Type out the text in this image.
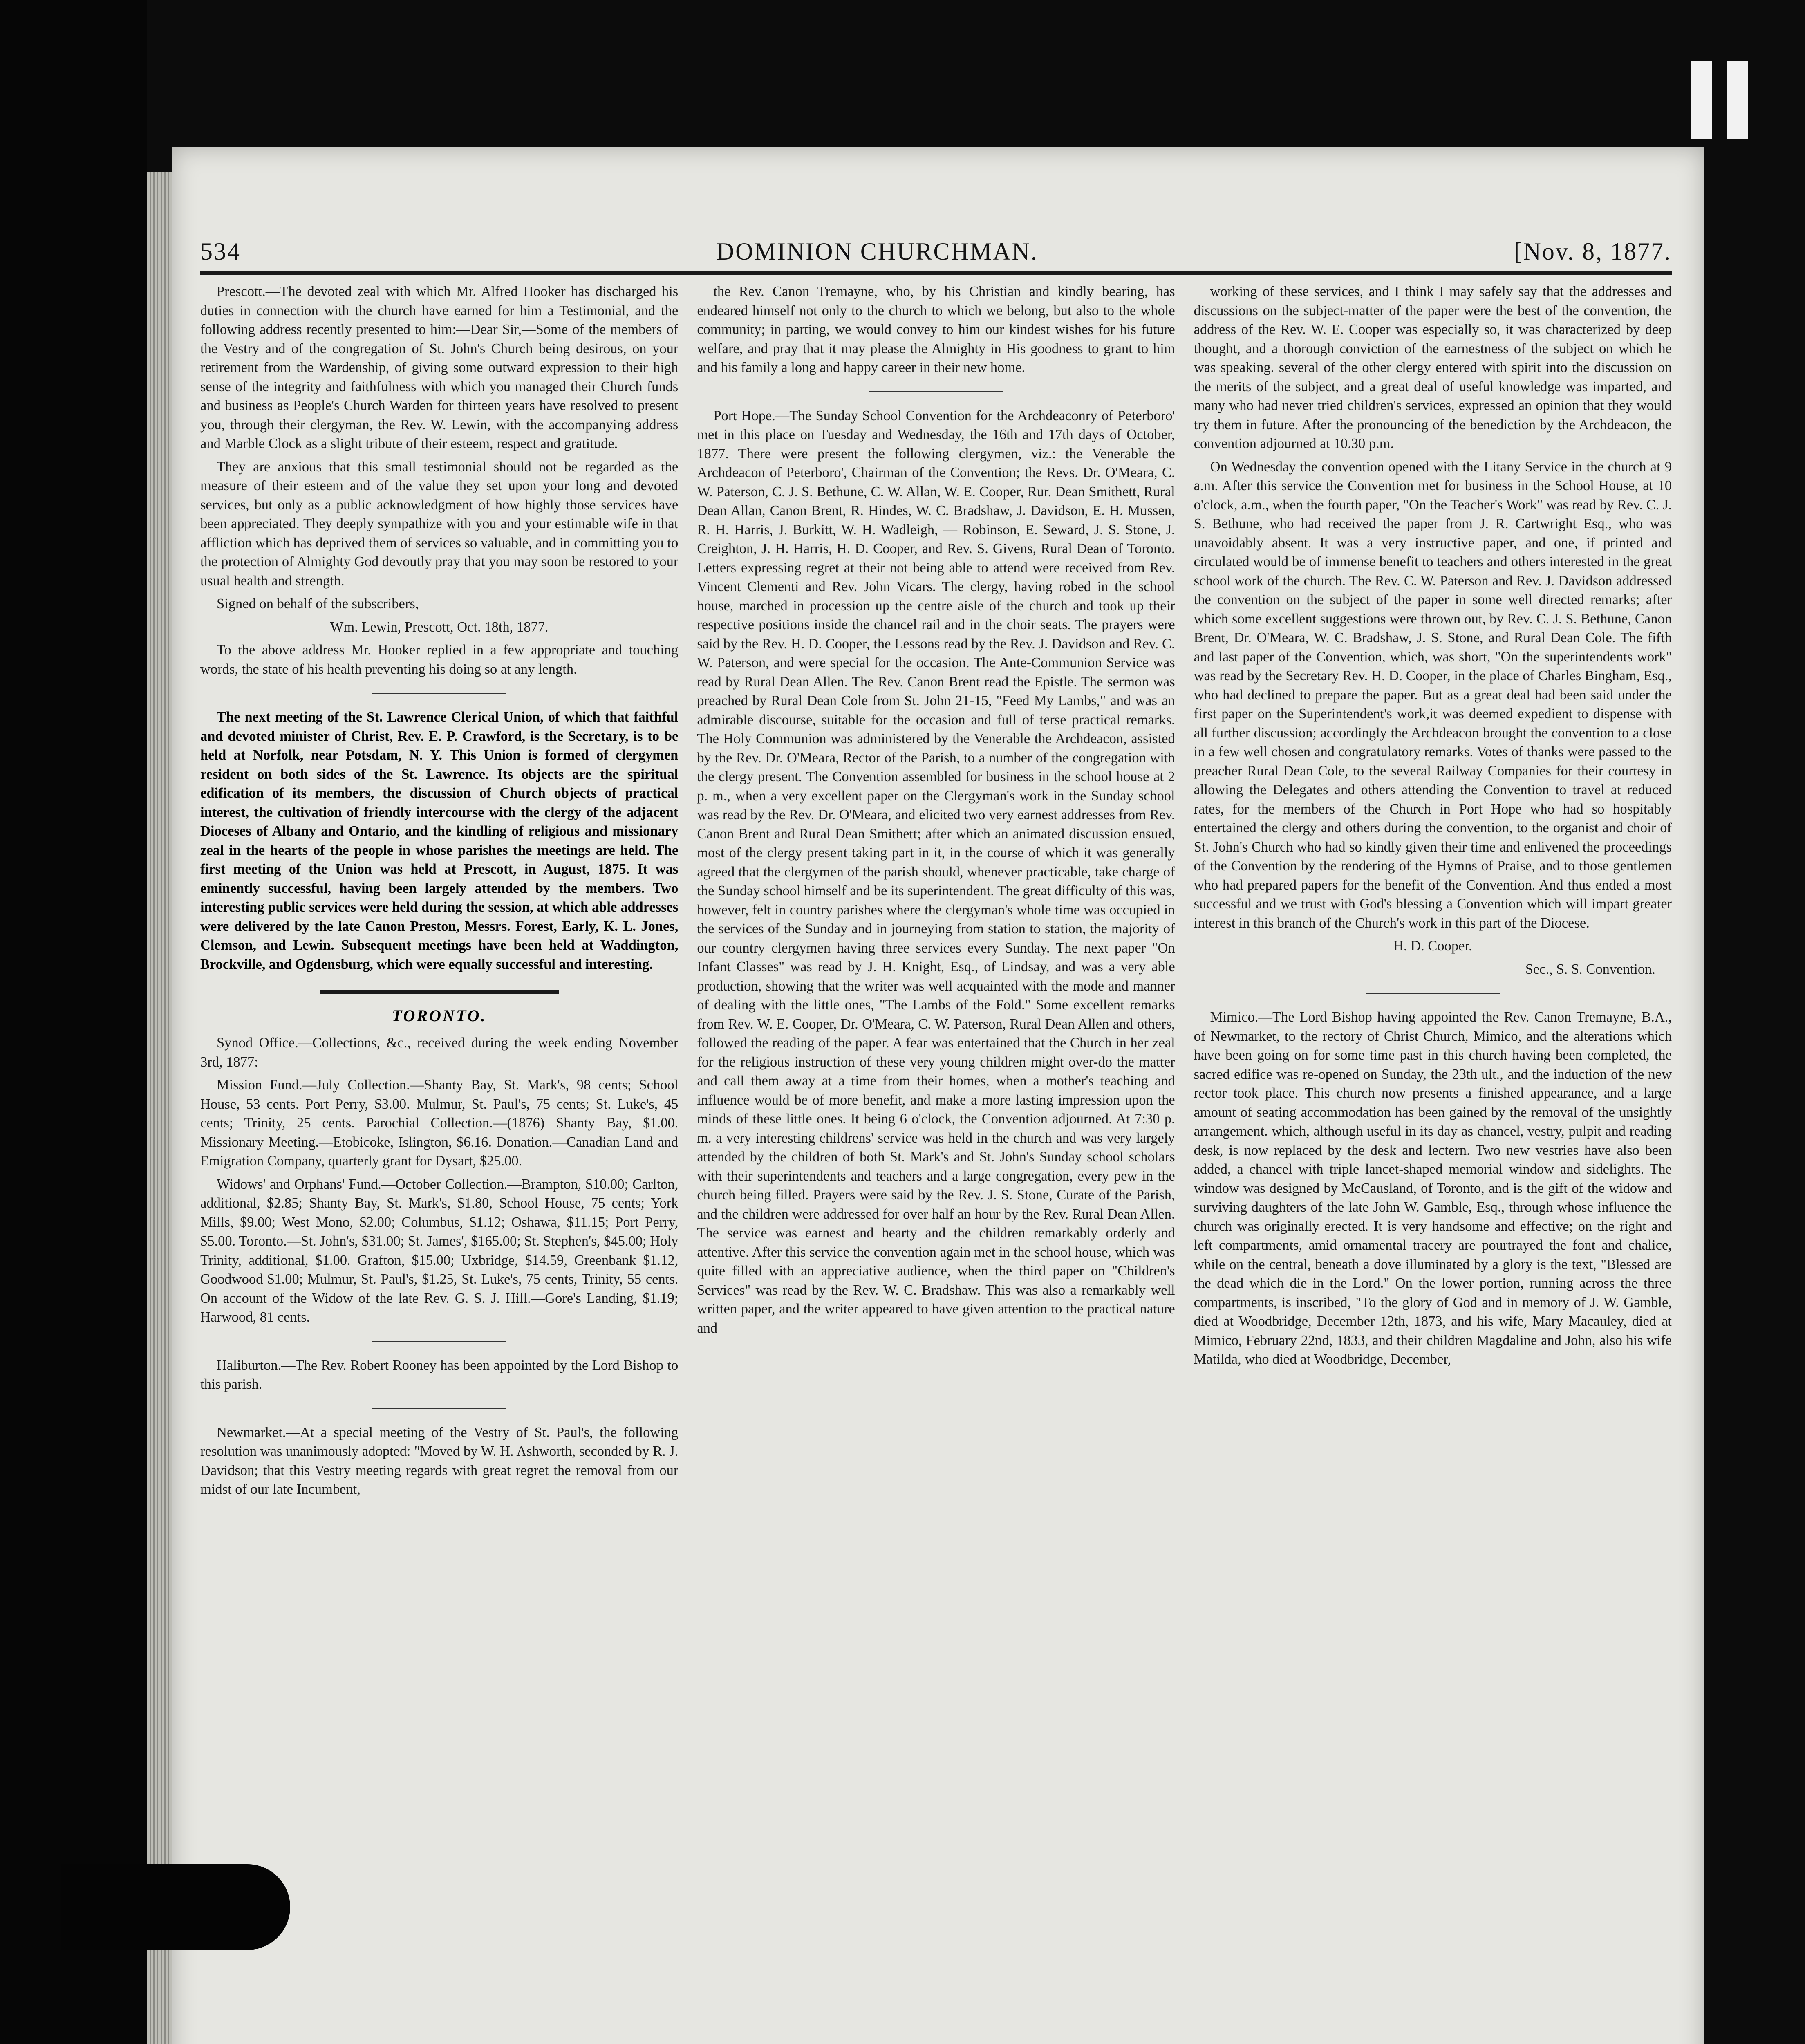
534	DOMINION CHURCHMAN.	[Nov. 8, 1877.

Prescott.—The devoted zeal with which Mr. Alfred Hooker has discharged his duties in connection with the church have earned for him a Testimonial, and the following address recently presented to him:—Dear Sir,—Some of the members of the Vestry and of the congregation of St. John's Church being desirous, on your retirement from the Wardenship, of giving some outward expression to their high sense of the integrity and faithfulness with which you managed their Church funds and business as People's Church Warden for thirteen years have resolved to present you, through their clergyman, the Rev. W. Lewin, with the accompanying address and Marble Clock as a slight tribute of their esteem, respect and gratitude.

They are anxious that this small testimonial should not be regarded as the measure of their esteem and of the value they set upon your long and devoted services, but only as a public acknowledgment of how highly those services have been appreciated. They deeply sympathize with you and your estimable wife in that affliction which has deprived them of services so valuable, and in committing you to the protection of Almighty God devoutly pray that you may soon be restored to your usual health and strength.

Signed on behalf of the subscribers,

Wm. Lewin, Prescott, Oct. 18th, 1877.

To the above address Mr. Hooker replied in a few appropriate and touching words, the state of his health preventing his doing so at any length.

The next meeting of the St. Lawrence Clerical Union, of which that faithful and devoted minister of Christ, Rev. E. P. Crawford, is the Secretary, is to be held at Norfolk, near Potsdam, N. Y. This Union is formed of clergymen resident on both sides of the St. Lawrence. Its objects are the spiritual edification of its members, the discussion of Church objects of practical interest, the cultivation of friendly intercourse with the clergy of the adjacent Dioceses of Albany and Ontario, and the kindling of religious and missionary zeal in the hearts of the people in whose parishes the meetings are held. The first meeting of the Union was held at Prescott, in August, 1875. It was eminently successful, having been largely attended by the members. Two interesting public services were held during the session, at which able addresses were delivered by the late Canon Preston, Messrs. Forest, Early, K. L. Jones, Clemson, and Lewin. Subsequent meetings have been held at Waddington, Brockville, and Ogdensburg, which were equally successful and interesting.

TORONTO.

Synod Office.—Collections, &c., received during the week ending November 3rd, 1877:

Mission Fund.—July Collection.—Shanty Bay, St. Mark's, 98 cents; School House, 53 cents. Port Perry, $3.00. Mulmur, St. Paul's, 75 cents; St. Luke's, 45 cents; Trinity, 25 cents. Parochial Collection.—(1876) Shanty Bay, $1.00. Missionary Meeting.—Etobicoke, Islington, $6.16. Donation.—Canadian Land and Emigration Company, quarterly grant for Dysart, $25.00.

Widows' and Orphans' Fund.—October Collection.—Brampton, $10.00; Carlton, additional, $2.85; Shanty Bay, St. Mark's, $1.80, School House, 75 cents; York Mills, $9.00; West Mono, $2.00; Columbus, $1.12; Oshawa, $11.15; Port Perry, $5.00. Toronto.—St. John's, $31.00; St. James', $165.00; St. Stephen's, $45.00; Holy Trinity, additional, $1.00. Grafton, $15.00; Uxbridge, $14.59, Greenbank $1.12, Goodwood $1.00; Mulmur, St. Paul's, $1.25, St. Luke's, 75 cents, Trinity, 55 cents. On account of the Widow of the late Rev. G. S. J. Hill.—Gore's Landing, $1.19; Harwood, 81 cents.

Haliburton.—The Rev. Robert Rooney has been appointed by the Lord Bishop to this parish.

Newmarket.—At a special meeting of the Vestry of St. Paul's, the following resolution was unanimously adopted: "Moved by W. H. Ashworth, seconded by R. J. Davidson; that this Vestry meeting regards with great regret the removal from our midst of our late Incumbent,

the Rev. Canon Tremayne, who, by his Christian and kindly bearing, has endeared himself not only to the church to which we belong, but also to the whole community; in parting, we would convey to him our kindest wishes for his future welfare, and pray that it may please the Almighty in His goodness to grant to him and his family a long and happy career in their new home.

Port Hope.—The Sunday School Convention for the Archdeaconry of Peterboro' met in this place on Tuesday and Wednesday, the 16th and 17th days of October, 1877. There were present the following clergymen, viz.: the Venerable the Archdeacon of Peterboro', Chairman of the Convention; the Revs. Dr. O'Meara, C. W. Paterson, C. J. S. Bethune, C. W. Allan, W. E. Cooper, Rur. Dean Smithett, Rural Dean Allan, Canon Brent, R. Hindes, W. C. Bradshaw, J. Davidson, E. H. Mussen, R. H. Harris, J. Burkitt, W. H. Wadleigh, — Robinson, E. Seward, J. S. Stone, J. Creighton, J. H. Harris, H. D. Cooper, and Rev. S. Givens, Rural Dean of Toronto. Letters expressing regret at their not being able to attend were received from Rev. Vincent Clementi and Rev. John Vicars. The clergy, having robed in the school house, marched in procession up the centre aisle of the church and took up their respective positions inside the chancel rail and in the choir seats. The prayers were said by the Rev. H. D. Cooper, the Lessons read by the Rev. J. Davidson and Rev. C. W. Paterson, and were special for the occasion. The Ante-Communion Service was read by Rural Dean Allen. The Rev. Canon Brent read the Epistle. The sermon was preached by Rural Dean Cole from St. John 21-15, "Feed My Lambs," and was an admirable discourse, suitable for the occasion and full of terse practical remarks. The Holy Communion was administered by the Venerable the Archdeacon, assisted by the Rev. Dr. O'Meara, Rector of the Parish, to a number of the congregation with the clergy present. The Convention assembled for business in the school house at 2 p. m., when a very excellent paper on the Clergyman's work in the Sunday school was read by the Rev. Dr. O'Meara, and elicited two very earnest addresses from Rev. Canon Brent and Rural Dean Smithett; after which an animated discussion ensued, most of the clergy present taking part in it, in the course of which it was generally agreed that the clergymen of the parish should, whenever practicable, take charge of the Sunday school himself and be its superintendent. The great difficulty of this was, however, felt in country parishes where the clergyman's whole time was occupied in the services of the Sunday and in journeying from station to station, the majority of our country clergymen having three services every Sunday. The next paper "On Infant Classes" was read by J. H. Knight, Esq., of Lindsay, and was a very able production, showing that the writer was well acquainted with the mode and manner of dealing with the little ones, "The Lambs of the Fold." Some excellent remarks from Rev. W. E. Cooper, Dr. O'Meara, C. W. Paterson, Rural Dean Allen and others, followed the reading of the paper. A fear was entertained that the Church in her zeal for the religious instruction of these very young children might over-do the matter and call them away at a time from their homes, when a mother's teaching and influence would be of more benefit, and make a more lasting impression upon the minds of these little ones. It being 6 o'clock, the Convention adjourned. At 7:30 p. m. a very interesting childrens' service was held in the church and was very largely attended by the children of both St. Mark's and St. John's Sunday school scholars with their superintendents and teachers and a large congregation, every pew in the church being filled. Prayers were said by the Rev. J. S. Stone, Curate of the Parish, and the children were addressed for over half an hour by the Rev. Rural Dean Allen. The service was earnest and hearty and the children remarkably orderly and attentive. After this service the convention again met in the school house, which was quite filled with an appreciative audience, when the third paper on "Children's Services" was read by the Rev. W. C. Bradshaw. This was also a remarkably well written paper, and the writer appeared to have given attention to the practical nature and

working of these services, and I think I may safely say that the addresses and discussions on the subject-matter of the paper were the best of the convention, the address of the Rev. W. E. Cooper was especially so, it was characterized by deep thought, and a thorough conviction of the earnestness of the subject on which he was speaking. several of the other clergy entered with spirit into the discussion on the merits of the subject, and a great deal of useful knowledge was imparted, and many who had never tried children's services, expressed an opinion that they would try them in future. After the pronouncing of the benediction by the Archdeacon, the convention adjourned at 10.30 p.m.

On Wednesday the convention opened with the Litany Service in the church at 9 a.m. After this service the Convention met for business in the School House, at 10 o'clock, a.m., when the fourth paper, "On the Teacher's Work" was read by Rev. C. J. S. Bethune, who had received the paper from J. R. Cartwright Esq., who was unavoidably absent. It was a very instructive paper, and one, if printed and circulated would be of immense benefit to teachers and others interested in the great school work of the church. The Rev. C. W. Paterson and Rev. J. Davidson addressed the convention on the subject of the paper in some well directed remarks; after which some excellent suggestions were thrown out, by Rev. C. J. S. Bethune, Canon Brent, Dr. O'Meara, W. C. Bradshaw, J. S. Stone, and Rural Dean Cole. The fifth and last paper of the Convention, which, was short, "On the superintendents work" was read by the Secretary Rev. H. D. Cooper, in the place of Charles Bingham, Esq., who had declined to prepare the paper. But as a great deal had been said under the first paper on the Superintendent's work,it was deemed expedient to dispense with all further discussion; accordingly the Archdeacon brought the convention to a close in a few well chosen and congratulatory remarks. Votes of thanks were passed to the preacher Rural Dean Cole, to the several Railway Companies for their courtesy in allowing the Delegates and others attending the Convention to travel at reduced rates, for the members of the Church in Port Hope who had so hospitably entertained the clergy and others during the convention, to the organist and choir of St. John's Church who had so kindly given their time and enlivened the proceedings of the Convention by the rendering of the Hymns of Praise, and to those gentlemen who had prepared papers for the benefit of the Convention. And thus ended a most successful and we trust with God's blessing a Convention which will impart greater interest in this branch of the Church's work in this part of the Diocese.

H. D. Cooper.

Sec., S. S. Convention.

Mimico.—The Lord Bishop having appointed the Rev. Canon Tremayne, B.A., of Newmarket, to the rectory of Christ Church, Mimico, and the alterations which have been going on for some time past in this church having been completed, the sacred edifice was re-opened on Sunday, the 23th ult., and the induction of the new rector took place. This church now presents a finished appearance, and a large amount of seating accommodation has been gained by the removal of the unsightly arrangement. which, although useful in its day as chancel, vestry, pulpit and reading desk, is now replaced by the desk and lectern. Two new vestries have also been added, a chancel with triple lancet-shaped memorial window and sidelights. The window was designed by McCausland, of Toronto, and is the gift of the widow and surviving daughters of the late John W. Gamble, Esq., through whose influence the church was originally erected. It is very handsome and effective; on the right and left compartments, amid ornamental tracery are pourtrayed the font and chalice, while on the central, beneath a dove illuminated by a glory is the text, "Blessed are the dead which die in the Lord." On the lower portion, running across the three compartments, is inscribed, "To the glory of God and in memory of J. W. Gamble, died at Woodbridge, December 12th, 1873, and his wife, Mary Macauley, died at Mimico, February 22nd, 1833, and their children Magdaline and John, also his wife Matilda, who died at Woodbridge, December,
